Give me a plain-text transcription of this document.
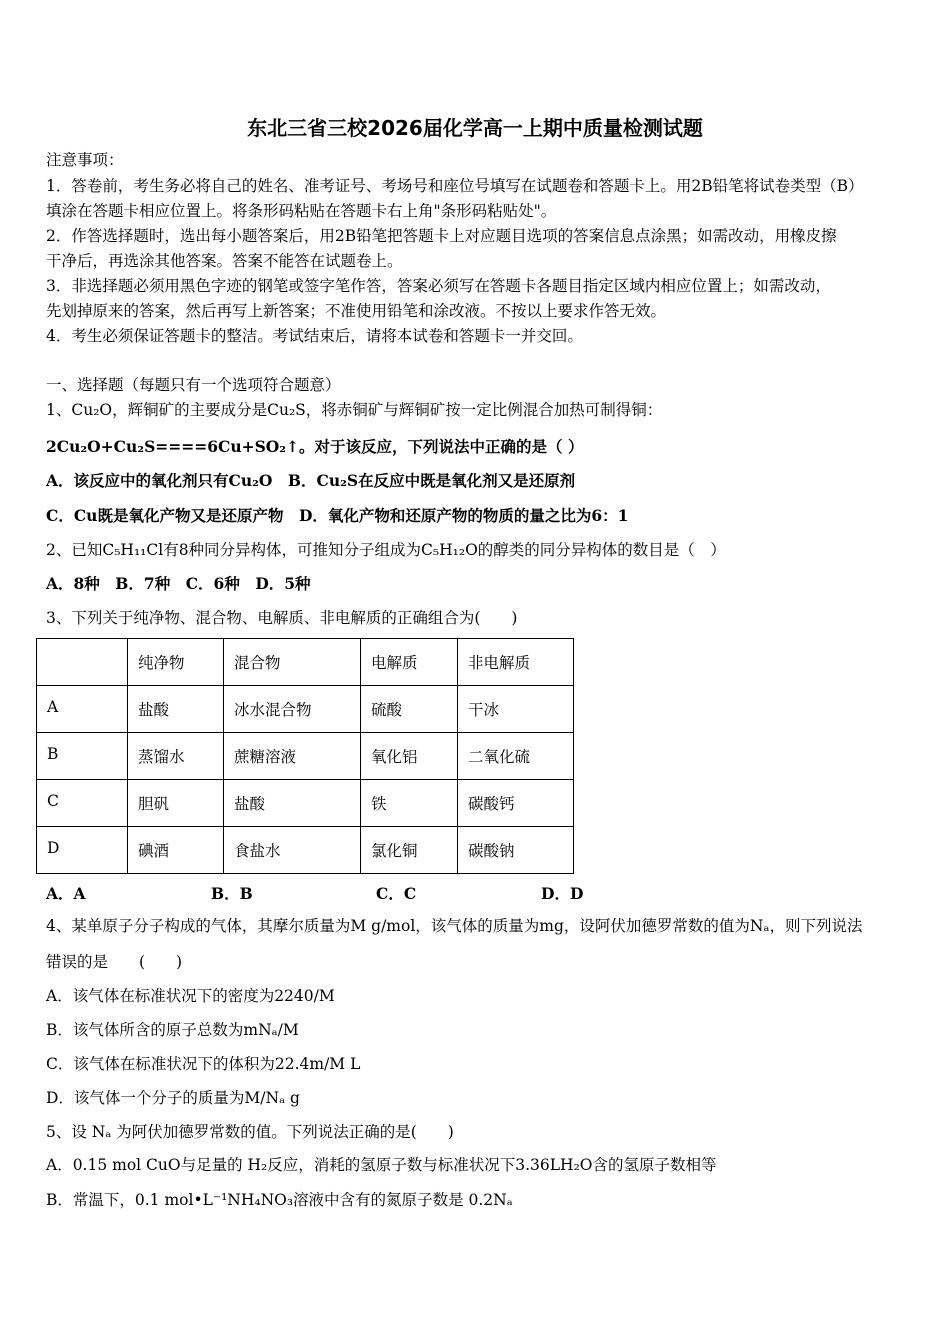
东北三省三校2026届化学高一上期中质量检测试题
注意事项：
1．答卷前，考生务必将自己的姓名、准考证号、考场号和座位号填写在试题卷和答题卡上。用2B铅笔将试卷类型（B）
填涂在答题卡相应位置上。将条形码粘贴在答题卡右上角"条形码粘贴处"。
2．作答选择题时，选出每小题答案后，用2B铅笔把答题卡上对应题目选项的答案信息点涂黑；如需改动，用橡皮擦
干净后，再选涂其他答案。答案不能答在试题卷上。
3．非选择题必须用黑色字迹的钢笔或签字笔作答，答案必须写在答题卡各题目指定区域内相应位置上；如需改动，
先划掉原来的答案，然后再写上新答案；不准使用铅笔和涂改液。不按以上要求作答无效。
4．考生必须保证答题卡的整洁。考试结束后，请将本试卷和答题卡一并交回。
一、选择题（每题只有一个选项符合题意）
1、Cu₂O，辉铜矿的主要成分是Cu₂S，将赤铜矿与辉铜矿按一定比例混合加热可制得铜：
2Cu₂O+Cu₂S====6Cu+SO₂↑。对于该反应，下列说法中正确的是（ ）
A．该反应中的氧化剂只有Cu₂O　B．Cu₂S在反应中既是氧化剂又是还原剂
C．Cu既是氧化产物又是还原产物　D．氧化产物和还原产物的物质的量之比为6：1
2、已知C₅H₁₁Cl有8种同分异构体，可推知分子组成为C₅H₁₂O的醇类的同分异构体的数目是（　）
A．8种　B．7种　C．6种　D．5种
3、下列关于纯净物、混合物、电解质、非电解质的正确组合为(　　)
	纯净物	混合物	电解质	非电解质
A	盐酸	冰水混合物	硫酸	干冰
B	蒸馏水	蔗糖溶液	氧化铝	二氧化硫
C	胆矾	盐酸	铁	碳酸钙
D	碘酒	食盐水	氯化铜	碳酸钠
A．A	B．B	C．C	D．D
4、某单原子分子构成的气体，其摩尔质量为M g/mol，该气体的质量为mg，设阿伏加德罗常数的值为Nₐ，则下列说法
错误的是　　(　　)
A．该气体在标准状况下的密度为2240/M
B．该气体所含的原子总数为mNₐ/M
C．该气体在标准状况下的体积为22.4m/M L
D．该气体一个分子的质量为M/Nₐ g
5、设 Nₐ 为阿伏加德罗常数的值。下列说法正确的是(　　)
A．0.15 mol CuO与足量的 H₂反应，消耗的氢原子数与标准状况下3.36LH₂O含的氢原子数相等
B．常温下，0.1 mol•L⁻¹NH₄NO₃溶液中含有的氮原子数是 0.2Nₐ
